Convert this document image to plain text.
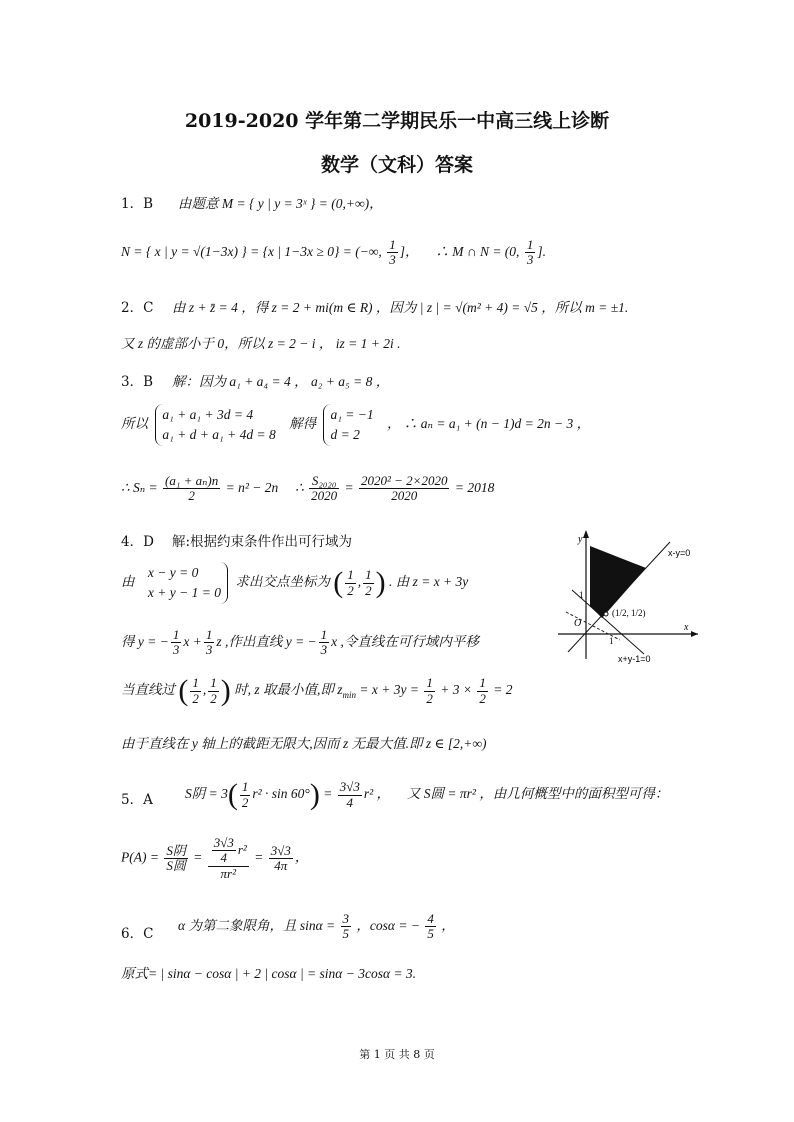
2019-2020 学年第二学期民乐一中高三线上诊断
数学（文科）答案
1．B 由题意 M = { y | y = 3ˣ } = (0,+∞)，
N = { x | y = √(1−3x) } = {x | 1−3x ≥ 0} = (−∞, $\frac{1}{3}$ ]， ∴ M ∩ N = (0, $\frac{1}{3}$ ].
2．C 由 z + z̄ = 4 ，得 z = 2 + mi(m ∈ R) ，因为 | z | = √(m² + 4) = √5 ，所以 m = ±1.
又 z 的虚部小于 0，所以 z = 2 − i ， iz = 1 + 2i .
3．B 解：因为 a₁ + a₄ = 4 ， a₂ + a₅ = 8 ，
所以
a₁ + a₁ + 3d = 4
a₁ + d + a₁ + 4d = 8
解得
a₁ = −1
d = 2
， ∴ aₙ = a₁ + (n − 1)d = 2n − 3 ，
∴ $S_n = \frac{\text{(a₁ + aₙ)n}}{2} = n^2 - 2n$ ∴ $\frac{\text{S₂₀₂₀}}{2020} = \frac{\text{2020² − 2×2020}}{2020} = 2018$
4．D 解:根据约束条件作出可行域为
由
x − y = 0
x + y − 1 = 0
求出交点坐标为 ( $\frac{1}{2}$ , $\frac{1}{2}$ ) . 由 z = x + 3y
得 y = − $\frac{1}{3}$ $x + \frac{1}{3}$ z ,作出直线 y = − $\frac{1}{3}$ x ,令直线在可行域内平移
当直线过 ( $\frac{1}{2}$ , $\frac{1}{2}$ ) 时, z 取最小值,即 $z_{min} = x + 3y = \frac{1}{2} + 3 \times \frac{1}{2} = 2$
由于直线在 y 轴上的截距无限大,因而 z 无最大值.即 z ∈ [2,+∞)
y
x
O
1
1
x-y=0
x+y-1=0
(1/2, 1/2)
5．A S阴 = $3( \frac{1}{2} r^2 \cdot \sin 60^\circ) = \frac{3√3}{4} r^2$ ， 又 S圆 = πr² ，由几何概型中的面积型可得：
$P(A) = \frac{\text{S阴}}{\text{S圆}} = \frac{\frac{3√3}{4} r^2}{\text{πr²}} = \frac{3√3}{4\pi}$ ，
6．C
α 为第二象限角，且 $\sin\alpha = \frac{3}{5}$ ，cosα = − $\frac{4}{5}$ ，
原式= | sinα − cosα | + 2 | cosα | = sinα − 3cosα = 3.
第 1 页 共 8 页
